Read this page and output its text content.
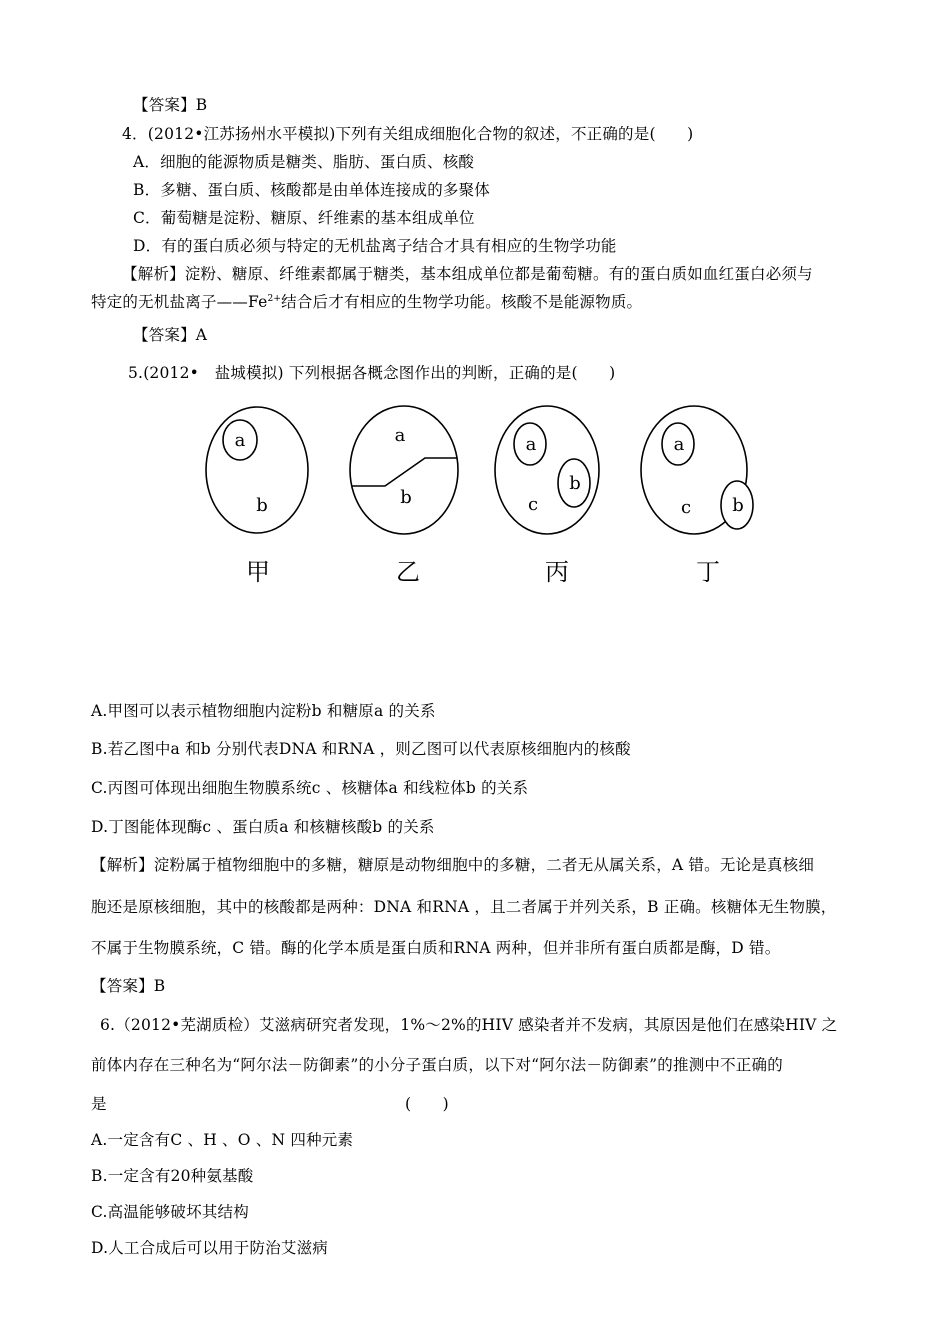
【答案】B
4．(2012•江苏扬州水平模拟)下列有关组成细胞化合物的叙述，不正确的是(　　)
A．细胞的能源物质是糖类、脂肪、蛋白质、核酸
B．多糖、蛋白质、核酸都是由单体连接成的多聚体
C．葡萄糖是淀粉、糖原、纤维素的基本组成单位
D．有的蛋白质必须与特定的无机盐离子结合才具有相应的生物学功能
【解析】淀粉、糖原、纤维素都属于糖类，基本组成单位都是葡萄糖。有的蛋白质如血红蛋白必须与
特定的无机盐离子$——Fe^{2+}$结合后才有相应的生物学功能。核酸不是能源物质。
【答案】A
5.(2012•　盐城模拟) 下列根据各概念图作出的判断，正确的是(　　)
a
b
a
b
a
b
c
a
c b
甲	乙	丙	丁
A.甲图可以表示植物细胞内淀粉b 和糖原a 的关系
B.若乙图中a 和b 分别代表DNA 和RNA ，则乙图可以代表原核细胞内的核酸
C.丙图可体现出细胞生物膜系统c 、核糖体a 和线粒体b 的关系
D.丁图能体现酶c 、蛋白质a 和核糖核酸b 的关系
【解析】淀粉属于植物细胞中的多糖，糖原是动物细胞中的多糖，二者无从属关系，A 错。无论是真核细
胞还是原核细胞，其中的核酸都是两种：DNA 和RNA ，且二者属于并列关系，B 正确。核糖体无生物膜，
不属于生物膜系统，C 错。酶的化学本质是蛋白质和RNA 两种，但并非所有蛋白质都是酶，D 错。
【答案】B
6.（2012•芜湖质检）艾滋病研究者发现，1%～2%的HIV 感染者并不发病，其原因是他们在感染HIV 之
前体内存在三种名为“阿尔法－防御素”的小分子蛋白质，以下对“阿尔法－防御素”的推测中不正确的
是　　　　　　　　　　　　　　　　　　　(　　)
A.一定含有C 、H 、O 、N 四种元素
B.一定含有20种氨基酸
C.高温能够破坏其结构
D.人工合成后可以用于防治艾滋病
